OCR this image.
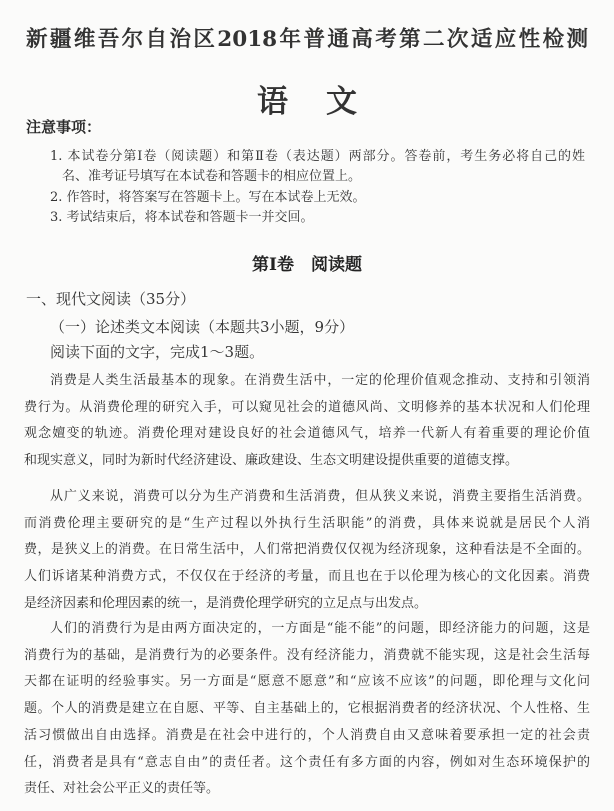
新疆维吾尔自治区2018年普通高考第二次适应性检测
语文
注意事项：
1. 本试卷分第Ⅰ卷（阅读题）和第Ⅱ卷（表达题）两部分。答卷前，考生务必将自己的姓
名、准考证号填写在本试卷和答题卡的相应位置上。
2. 作答时，将答案写在答题卡上。写在本试卷上无效。
3. 考试结束后，将本试卷和答题卡一并交回。
第Ⅰ卷　阅读题
一、现代文阅读（35分）
（一）论述类文本阅读（本题共3小题，9分）
阅读下面的文字，完成1～3题。
消费是人类生活最基本的现象。在消费生活中，一定的伦理价值观念推动、支持和引领消
费行为。从消费伦理的研究入手，可以窥见社会的道德风尚、文明修养的基本状况和人们伦理
观念嬗变的轨迹。消费伦理对建设良好的社会道德风气，培养一代新人有着重要的理论价值
和现实意义，同时为新时代经济建设、廉政建设、生态文明建设提供重要的道德支撑。
从广义来说，消费可以分为生产消费和生活消费，但从狭义来说，消费主要指生活消费。
而消费伦理主要研究的是“生产过程以外执行生活职能”的消费，具体来说就是居民个人消
费，是狭义上的消费。在日常生活中，人们常把消费仅仅视为经济现象，这种看法是不全面的。
人们诉诸某种消费方式，不仅仅在于经济的考量，而且也在于以伦理为核心的文化因素。消费
是经济因素和伦理因素的统一，是消费伦理学研究的立足点与出发点。
人们的消费行为是由两方面决定的，一方面是“能不能”的问题，即经济能力的问题，这是
消费行为的基础，是消费行为的必要条件。没有经济能力，消费就不能实现，这是社会生活每
天都在证明的经验事实。另一方面是“愿意不愿意”和“应该不应该”的问题，即伦理与文化问
题。个人的消费是建立在自愿、平等、自主基础上的，它根据消费者的经济状况、个人性格、生
活习惯做出自由选择。消费是在社会中进行的，个人消费自由又意味着要承担一定的社会责
任，消费者是具有“意志自由”的责任者。这个责任有多方面的内容，例如对生态环境保护的
责任、对社会公平正义的责任等。
